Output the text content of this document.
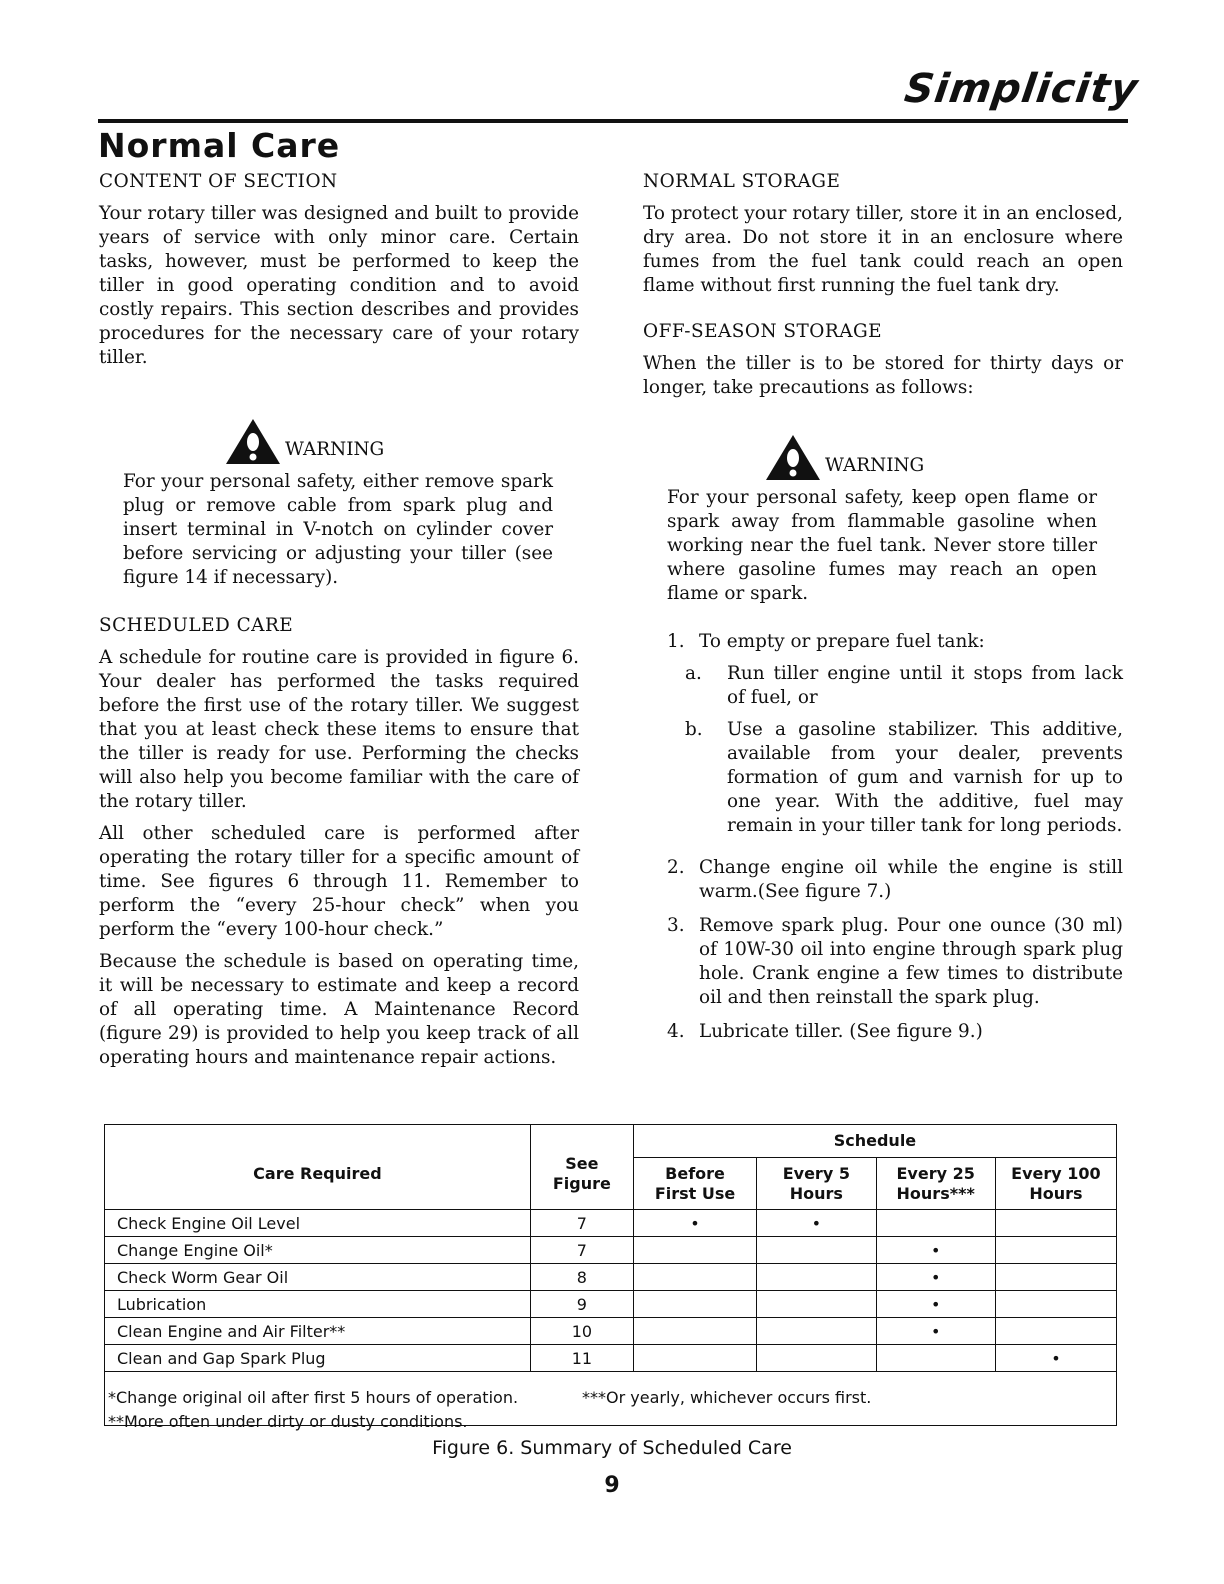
Simplicity
Normal Care
CONTENT OF SECTION

Your rotary tiller was designed and built to provide years of service with only minor care. Certain tasks, however, must be performed to keep the tiller in good operating condition and to avoid costly repairs. This section describes and provides procedures for the necessary care of your rotary tiller.

WARNING

For your personal safety, either remove spark plug or remove cable from spark plug and insert terminal in V-notch on cylinder cover before servicing or adjusting your tiller (see figure 14 if necessary).

SCHEDULED CARE

A schedule for routine care is provided in figure 6. Your dealer has performed the tasks required before the first use of the rotary tiller. We suggest that you at least check these items to ensure that the tiller is ready for use. Performing the checks will also help you become familiar with the care of the rotary tiller.

All other scheduled care is performed after operating the rotary tiller for a specific amount of time. See figures 6 through 11. Remember to perform the “every 25-hour check” when you perform the “every 100-hour check.”

Because the schedule is based on operating time, it will be necessary to estimate and keep a record of all operating time. A Maintenance Record (figure 29) is provided to help you keep track of all operating hours and maintenance repair actions.

NORMAL STORAGE

To protect your rotary tiller, store it in an enclosed, dry area. Do not store it in an enclosure where fumes from the fuel tank could reach an open flame without first running the fuel tank dry.

OFF-SEASON STORAGE

When the tiller is to be stored for thirty days or longer, take precautions as follows:

WARNING

For your personal safety, keep open flame or spark away from flammable gasoline when working near the fuel tank. Never store tiller where gasoline fumes may reach an open flame or spark.

1. To empty or prepare fuel tank:
a.	Run tiller engine until it stops from lack of fuel, or
b.	Use a gasoline stabilizer. This additive, available from your dealer, prevents formation of gum and varnish for up to one year. With the additive, fuel may remain in your tiller tank for long periods.
2. Change engine oil while the engine is still warm.(See figure 7.)
3. Remove spark plug. Pour one ounce (30 ml) of 10W-30 oil into engine through spark plug hole. Crank engine a few times to distribute oil and then reinstall the spark plug.
4. Lubricate tiller. (See figure 9.)
Care Required	See Figure	Schedule			
		Before First Use	Every 5 Hours	Every 25 Hours***	Every 100 Hours
Check Engine Oil Level	7	•	•		
Change Engine Oil*	7			•	
Check Worm Gear Oil	8			•	
Lubrication	9			•	
Clean Engine and Air Filter**	10			•	
Clean and Gap Spark Plug	11				•

*Change original oil after first 5 hours of operation.	***Or yearly, whichever occurs first.
**More often under dirty or dusty conditions.
Figure 6. Summary of Scheduled Care
9
